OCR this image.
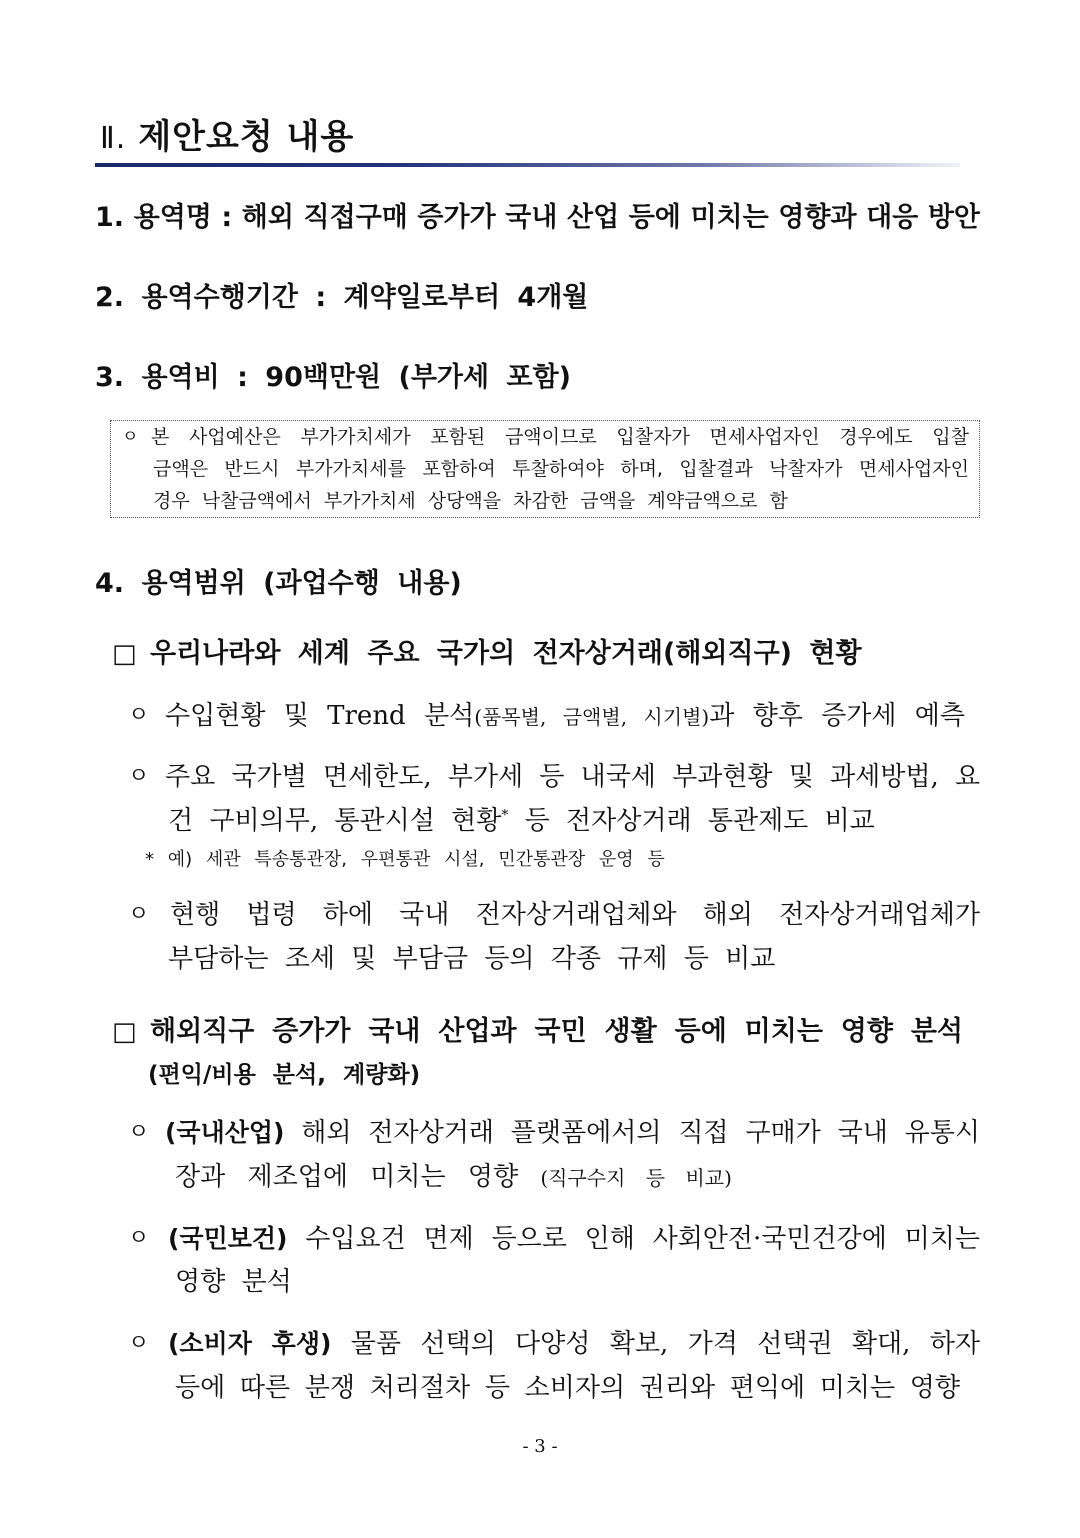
Ⅱ. 제안요청 내용
1. 용역명 : 해외 직접구매 증가가 국내 산업 등에 미치는 영향과 대응 방안
2. 용역수행기간 : 계약일로부터 4개월
3. 용역비 : 90백만원 (부가세 포함)
ㅇ 본 사업예산은 부가가치세가 포함된 금액이므로 입찰자가 면세사업자인 경우에도 입찰
금액은 반드시 부가가치세를 포함하여 투찰하여야 하며, 입찰결과 낙찰자가 면세사업자인
경우 낙찰금액에서 부가가치세 상당액을 차감한 금액을 계약금액으로 함
4. 용역범위 (과업수행 내용)
□ 우리나라와 세계 주요 국가의 전자상거래(해외직구) 현황
ㅇ 수입현황 및 Trend 분석(품목별, 금액별, 시기별)과 향후 증가세 예측
ㅇ 주요 국가별 면세한도, 부가세 등 내국세 부과현황 및 과세방법, 요
건 구비의무, 통관시설 현황* 등 전자상거래 통관제도 비교
* 예) 세관 특송통관장, 우편통관 시설, 민간통관장 운영 등
ㅇ 현행 법령 하에 국내 전자상거래업체와 해외 전자상거래업체가
부담하는 조세 및 부담금 등의 각종 규제 등 비교
□ 해외직구 증가가 국내 산업과 국민 생활 등에 미치는 영향 분석
(편익/비용 분석, 계량화)
ㅇ (국내산업) 해외 전자상거래 플랫폼에서의 직접 구매가 국내 유통시
장과 제조업에 미치는 영향 (직구수지 등 비교)
ㅇ (국민보건) 수입요건 면제 등으로 인해 사회안전·국민건강에 미치는
영향 분석
ㅇ (소비자 후생) 물품 선택의 다양성 확보, 가격 선택권 확대, 하자
등에 따른 분쟁 처리절차 등 소비자의 권리와 편익에 미치는 영향
- 3 -
